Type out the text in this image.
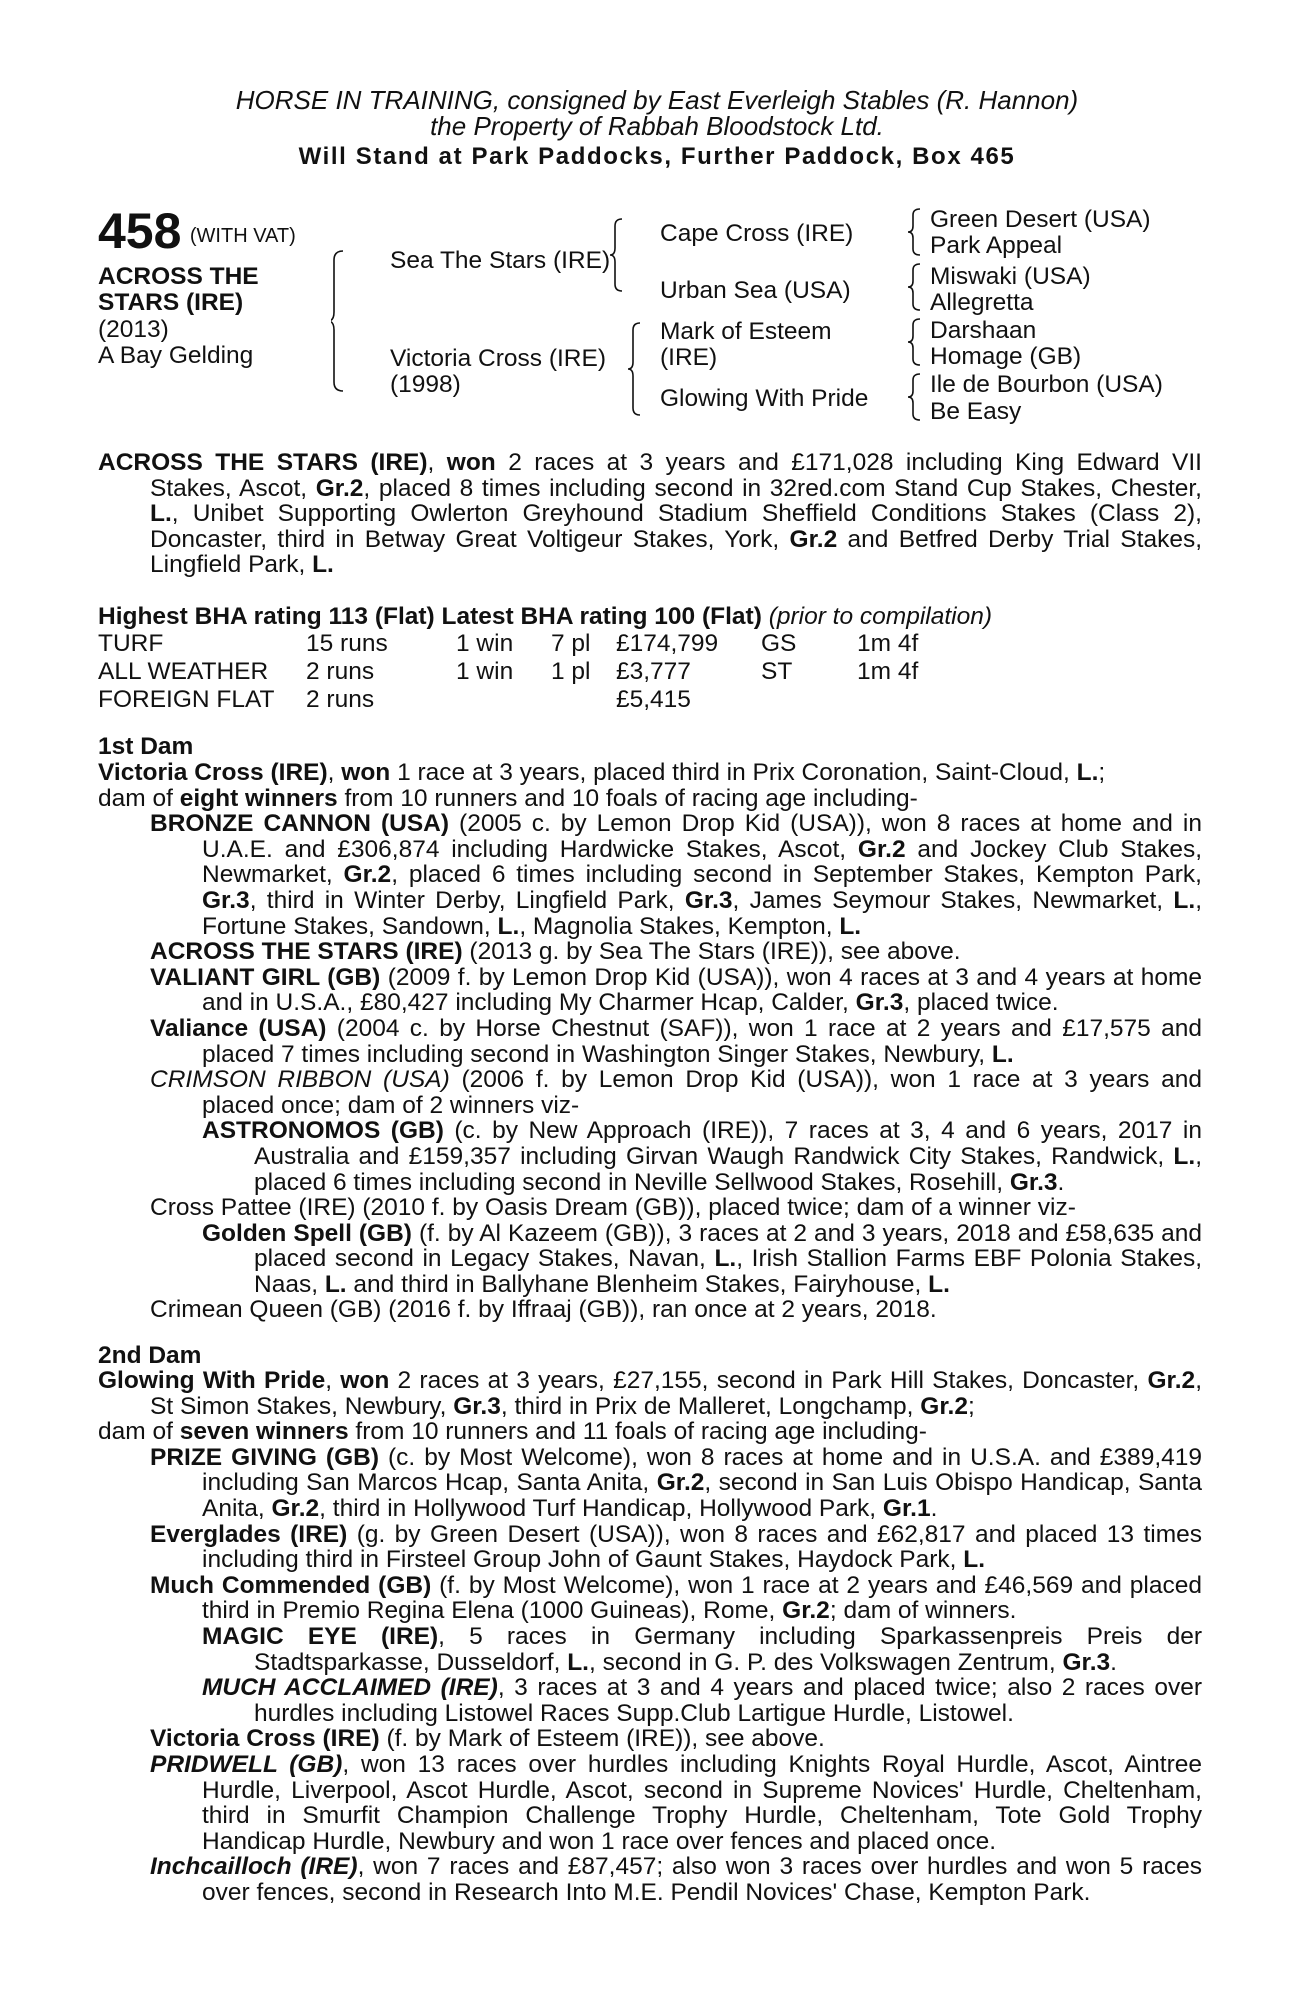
HORSE IN TRAINING, consigned by East Everleigh Stables (R. Hannon)
the Property of Rabbah Bloodstock Ltd.
Will Stand at Park Paddocks, Further Paddock, Box 465
458 (WITH VAT)
ACROSS THE
STARS (IRE)
(2013)
A Bay Gelding
Sea The Stars (IRE)
Victoria Cross (IRE)
(1998)
Cape Cross (IRE)
Urban Sea (USA)
Mark of Esteem
(IRE)
Glowing With Pride
Green Desert (USA)
Park Appeal
Miswaki (USA)
Allegretta
Darshaan
Homage (GB)
Ile de Bourbon (USA)
Be Easy

ACROSS THE STARS (IRE), won 2 races at 3 years and £171,028 including King Edward VII Stakes, Ascot, Gr.2, placed 8 times including second in 32red.com Stand Cup Stakes, Chester, L., Unibet Supporting Owlerton Greyhound Stadium Sheffield Conditions Stakes (Class 2), Doncaster, third in Betway Great Voltigeur Stakes, York, Gr.2 and Betfred Derby Trial Stakes, Lingfield Park, L.

Highest BHA rating 113 (Flat) Latest BHA rating 100 (Flat) (prior to compilation)
TURF	15 runs	1 win	7 pl	£174,799	GS	1m 4f
ALL WEATHER	2 runs	1 win	1 pl	£3,777	ST	1m 4f
FOREIGN FLAT	2 runs			£5,415		
1st Dam

Victoria Cross (IRE), won 1 race at 3 years, placed third in Prix Coronation, Saint-Cloud, L.;

dam of eight winners from 10 runners and 10 foals of racing age including-

BRONZE CANNON (USA) (2005 c. by Lemon Drop Kid (USA)), won 8 races at home and in U.A.E. and £306,874 including Hardwicke Stakes, Ascot, Gr.2 and Jockey Club Stakes, Newmarket, Gr.2, placed 6 times including second in September Stakes, Kempton Park, Gr.3, third in Winter Derby, Lingfield Park, Gr.3, James Seymour Stakes, Newmarket, L., Fortune Stakes, Sandown, L., Magnolia Stakes, Kempton, L.

ACROSS THE STARS (IRE) (2013 g. by Sea The Stars (IRE)), see above.

VALIANT GIRL (GB) (2009 f. by Lemon Drop Kid (USA)), won 4 races at 3 and 4 years at home and in U.S.A., £80,427 including My Charmer Hcap, Calder, Gr.3, placed twice.

Valiance (USA) (2004 c. by Horse Chestnut (SAF)), won 1 race at 2 years and £17,575 and placed 7 times including second in Washington Singer Stakes, Newbury, L.

CRIMSON RIBBON (USA) (2006 f. by Lemon Drop Kid (USA)), won 1 race at 3 years and placed once; dam of 2 winners viz-

ASTRONOMOS (GB) (c. by New Approach (IRE)), 7 races at 3, 4 and 6 years, 2017 in Australia and £159,357 including Girvan Waugh Randwick City Stakes, Randwick, L., placed 6 times including second in Neville Sellwood Stakes, Rosehill, Gr.3.

Cross Pattee (IRE) (2010 f. by Oasis Dream (GB)), placed twice; dam of a winner viz-

Golden Spell (GB) (f. by Al Kazeem (GB)), 3 races at 2 and 3 years, 2018 and £58,635 and placed second in Legacy Stakes, Navan, L., Irish Stallion Farms EBF Polonia Stakes, Naas, L. and third in Ballyhane Blenheim Stakes, Fairyhouse, L.

Crimean Queen (GB) (2016 f. by Iffraaj (GB)), ran once at 2 years, 2018.

2nd Dam

Glowing With Pride, won 2 races at 3 years, £27,155, second in Park Hill Stakes, Doncaster, Gr.2, St Simon Stakes, Newbury, Gr.3, third in Prix de Malleret, Longchamp, Gr.2;

dam of seven winners from 10 runners and 11 foals of racing age including-

PRIZE GIVING (GB) (c. by Most Welcome), won 8 races at home and in U.S.A. and £389,419 including San Marcos Hcap, Santa Anita, Gr.2, second in San Luis Obispo Handicap, Santa Anita, Gr.2, third in Hollywood Turf Handicap, Hollywood Park, Gr.1.

Everglades (IRE) (g. by Green Desert (USA)), won 8 races and £62,817 and placed 13 times including third in Firsteel Group John of Gaunt Stakes, Haydock Park, L.

Much Commended (GB) (f. by Most Welcome), won 1 race at 2 years and £46,569 and placed third in Premio Regina Elena (1000 Guineas), Rome, Gr.2; dam of winners.

MAGIC EYE (IRE), 5 races in Germany including Sparkassenpreis Preis der Stadtsparkasse, Dusseldorf, L., second in G. P. des Volkswagen Zentrum, Gr.3.

MUCH ACCLAIMED (IRE), 3 races at 3 and 4 years and placed twice; also 2 races over hurdles including Listowel Races Supp.Club Lartigue Hurdle, Listowel.

Victoria Cross (IRE) (f. by Mark of Esteem (IRE)), see above.

PRIDWELL (GB), won 13 races over hurdles including Knights Royal Hurdle, Ascot, Aintree Hurdle, Liverpool, Ascot Hurdle, Ascot, second in Supreme Novices' Hurdle, Cheltenham, third in Smurfit Champion Challenge Trophy Hurdle, Cheltenham, Tote Gold Trophy Handicap Hurdle, Newbury and won 1 race over fences and placed once.

Inchcailloch (IRE), won 7 races and £87,457; also won 3 races over hurdles and won 5 races over fences, second in Research Into M.E. Pendil Novices' Chase, Kempton Park.
